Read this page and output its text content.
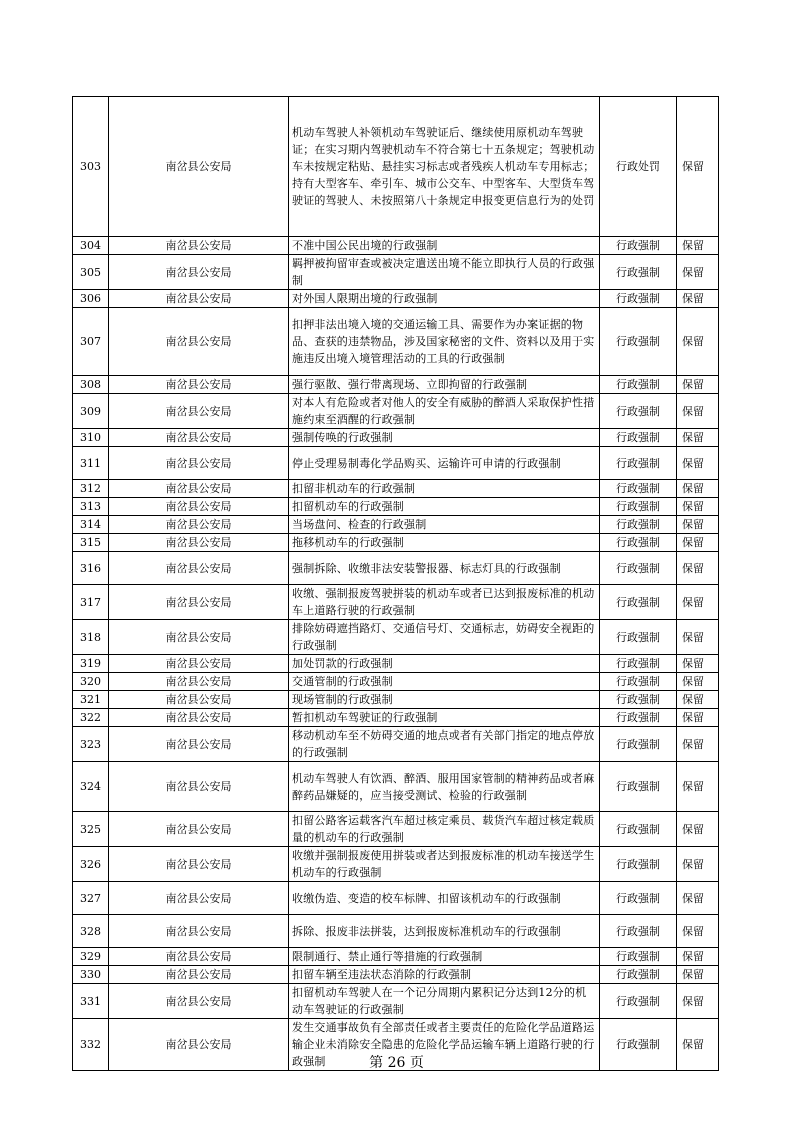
303	南岔县公安局	机动车驾驶人补领机动车驾驶证后、继续使用原机动车驾驶证；在实习期内驾驶机动车不符合第七十五条规定；驾驶机动车未按规定粘贴、悬挂实习标志或者残疾人机动车专用标志；持有大型客车、牵引车、城市公交车、中型客车、大型货车驾驶证的驾驶人、未按照第八十条规定申报变更信息行为的处罚	行政处罚	保留
304	南岔县公安局	不准中国公民出境的行政强制	行政强制	保留
305	南岔县公安局	羁押被拘留审查或被决定遣送出境不能立即执行人员的行政强制	行政强制	保留
306	南岔县公安局	对外国人限期出境的行政强制	行政强制	保留
307	南岔县公安局	扣押非法出境入境的交通运输工具、需要作为办案证据的物品、查获的违禁物品，涉及国家秘密的文件、资料以及用于实施违反出境入境管理活动的工具的行政强制	行政强制	保留
308	南岔县公安局	强行驱散、强行带离现场、立即拘留的行政强制	行政强制	保留
309	南岔县公安局	对本人有危险或者对他人的安全有威胁的醉酒人采取保护性措施约束至酒醒的行政强制	行政强制	保留
310	南岔县公安局	强制传唤的行政强制	行政强制	保留
311	南岔县公安局	停止受理易制毒化学品购买、运输许可申请的行政强制	行政强制	保留
312	南岔县公安局	扣留非机动车的行政强制	行政强制	保留
313	南岔县公安局	扣留机动车的行政强制	行政强制	保留
314	南岔县公安局	当场盘问、检查的行政强制	行政强制	保留
315	南岔县公安局	拖移机动车的行政强制	行政强制	保留
316	南岔县公安局	强制拆除、收缴非法安装警报器、标志灯具的行政强制	行政强制	保留
317	南岔县公安局	收缴、强制报废驾驶拼装的机动车或者已达到报废标准的机动车上道路行驶的行政强制	行政强制	保留
318	南岔县公安局	排除妨碍遮挡路灯、交通信号灯、交通标志，妨碍安全视距的行政强制	行政强制	保留
319	南岔县公安局	加处罚款的行政强制	行政强制	保留
320	南岔县公安局	交通管制的行政强制	行政强制	保留
321	南岔县公安局	现场管制的行政强制	行政强制	保留
322	南岔县公安局	暂扣机动车驾驶证的行政强制	行政强制	保留
323	南岔县公安局	移动机动车至不妨碍交通的地点或者有关部门指定的地点停放的行政强制	行政强制	保留
324	南岔县公安局	机动车驾驶人有饮酒、醉酒、服用国家管制的精神药品或者麻醉药品嫌疑的，应当接受测试、检验的行政强制	行政强制	保留
325	南岔县公安局	扣留公路客运载客汽车超过核定乘员、载货汽车超过核定载质量的机动车的行政强制	行政强制	保留
326	南岔县公安局	收缴并强制报废使用拼装或者达到报废标准的机动车接送学生机动车的行政强制	行政强制	保留
327	南岔县公安局	收缴伪造、变造的校车标牌、扣留该机动车的行政强制	行政强制	保留
328	南岔县公安局	拆除、报废非法拼装，达到报废标准机动车的行政强制	行政强制	保留
329	南岔县公安局	限制通行、禁止通行等措施的行政强制	行政强制	保留
330	南岔县公安局	扣留车辆至违法状态消除的行政强制	行政强制	保留
331	南岔县公安局	扣留机动车驾驶人在一个记分周期内累积记分达到12分的机动车驾驶证的行政强制	行政强制	保留
332	南岔县公安局	发生交通事故负有全部责任或者主要责任的危险化学品道路运输企业未消除安全隐患的危险化学品运输车辆上道路行驶的行政强制	行政强制	保留
第 26 页
